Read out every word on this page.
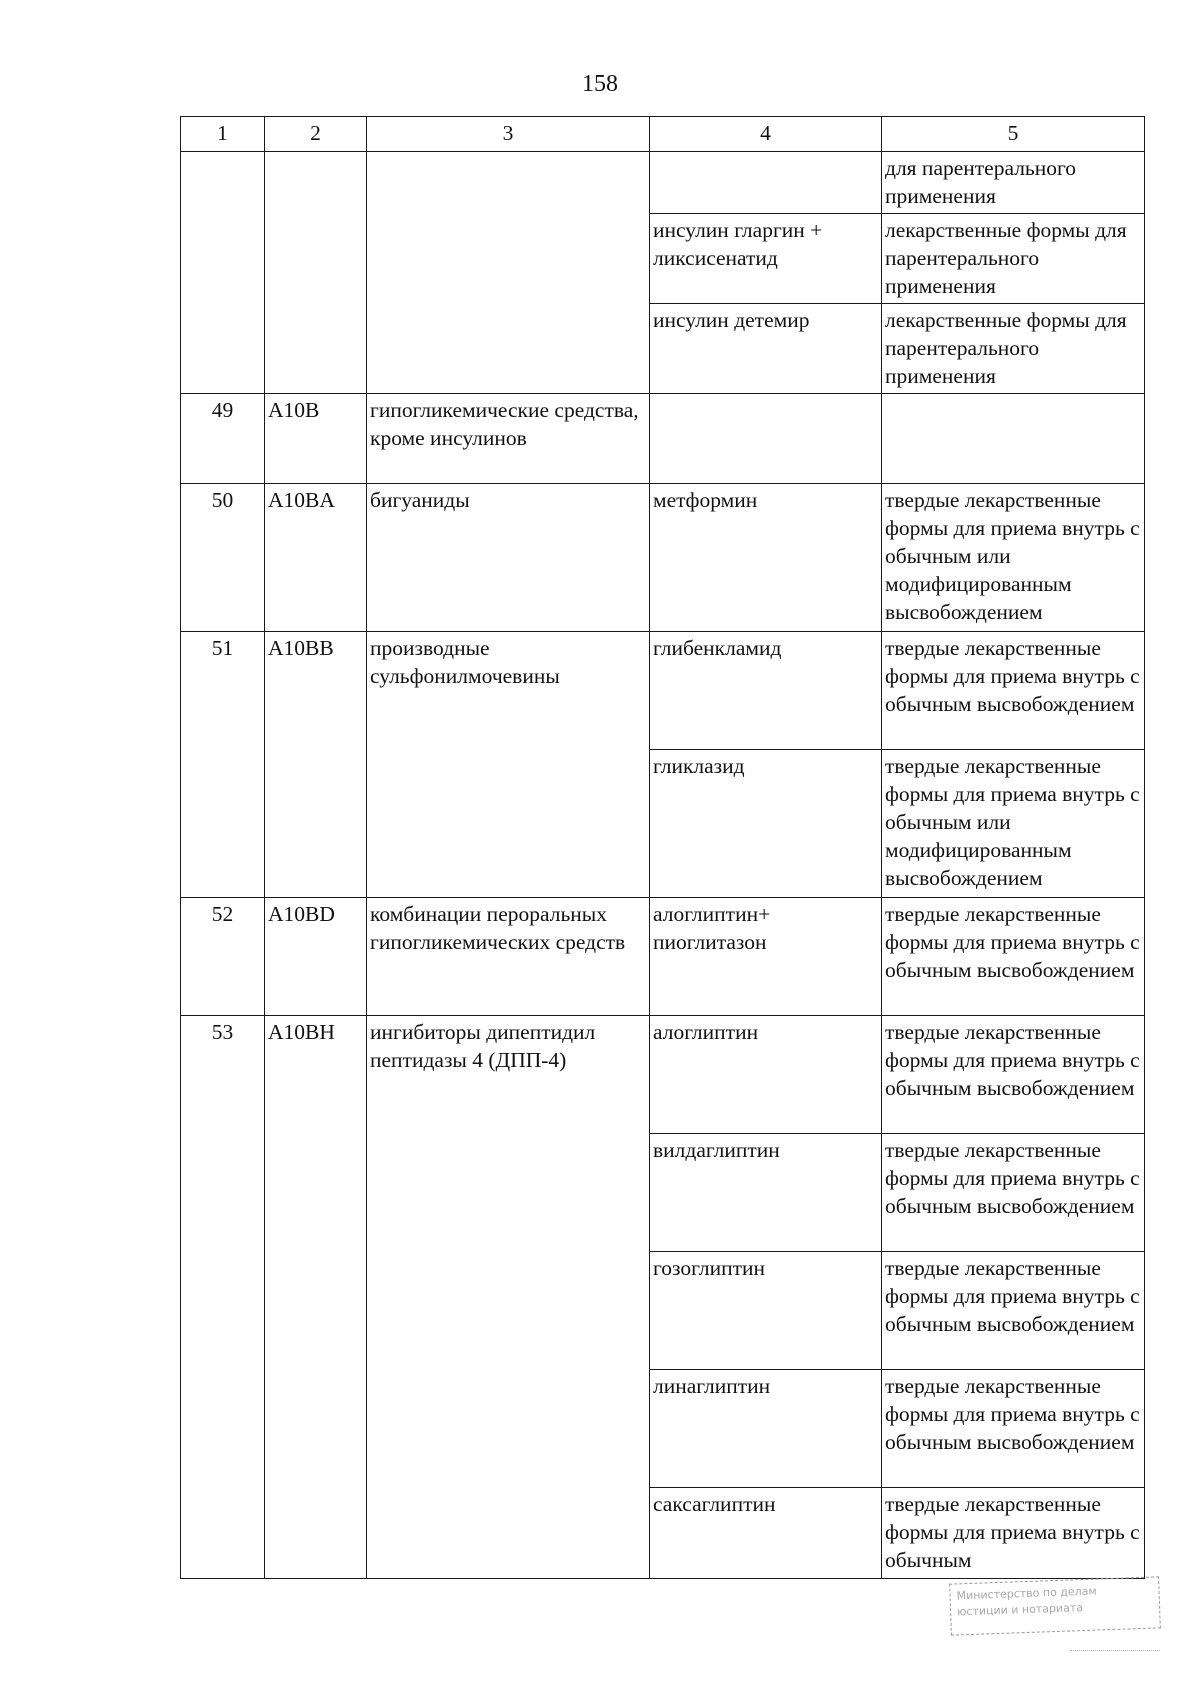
158
1	2	3	4	5
				для парентерального применения
			инсулин гларгин + ликсисенатид	лекарственные формы для парентерального применения
			инсулин детемир	лекарственные формы для парентерального применения
49	A10B	гипогликемические средства, кроме инсулинов		
50	A10BA	бигуаниды	метформин	твердые лекарственные формы для приема внутрь с обычным или модифицированным высвобождением
51	A10BB	производные сульфонилмочевины	глибенкламид	твердые лекарственные формы для приема внутрь с обычным высвобождением
			гликлазид	твердые лекарственные формы для приема внутрь с обычным или модифицированным высвобождением
52	A10BD	комбинации пероральных гипогликемических средств	алоглиптин+ пиоглитазон	твердые лекарственные формы для приема внутрь с обычным высвобождением
53	A10BH	ингибиторы дипептидил пептидазы 4 (ДПП-4)	алоглиптин	твердые лекарственные формы для приема внутрь с обычным высвобождением
			вилдаглиптин	твердые лекарственные формы для приема внутрь с обычным высвобождением
			гозоглиптин	твердые лекарственные формы для приема внутрь с обычным высвобождением
			линаглиптин	твердые лекарственные формы для приема внутрь с обычным высвобождением
			саксаглиптин	твердые лекарственные формы для приема внутрь с обычным
Министерство по делам
юстиции и нотариата
